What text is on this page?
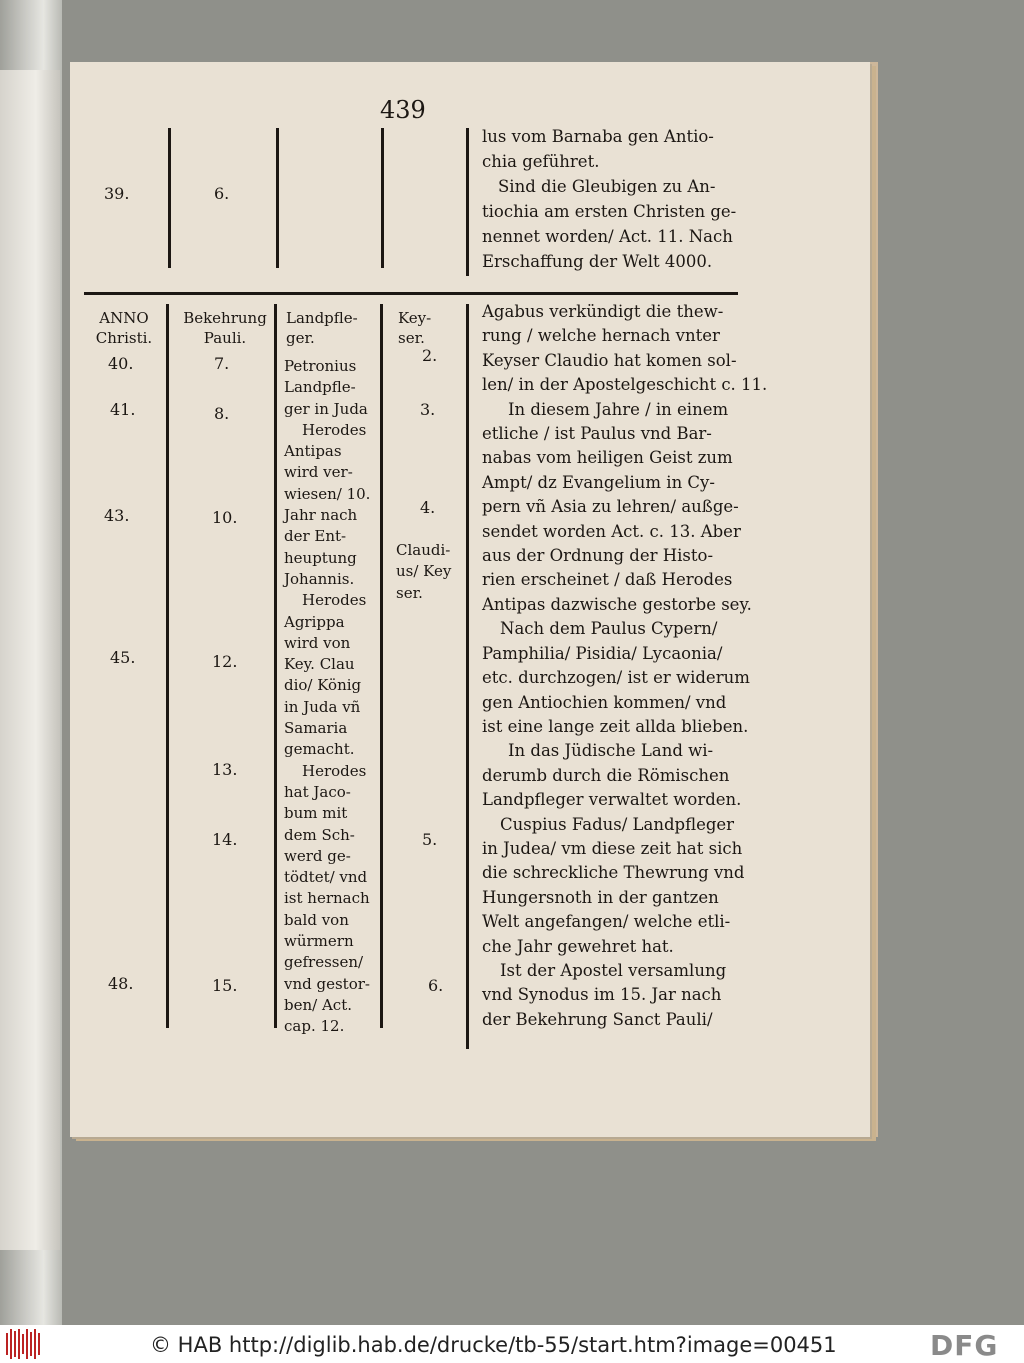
439
39.	6.
lus vom Barnaba gen Antio-
chia geführet.
Sind die Gleubigen zu An-
tiochia am ersten Christen ge-
nennet worden/ Act. 11. Nach
Erschaffung der Welt 4000.
ANNO
Christi.
Bekehrung
Pauli.
Landpfle-
ger.
Key-
ser.
40.
41.
43.
45.
48.
7.
8.
10.
12.
13.
14.
15.
Petronius
Landpfle-
ger in Juda
Herodes
Antipas
wird ver-
wiesen/ 10.
Jahr nach
der Ent-
heuptung
Johannis.
Herodes
Agrippa
wird von
Key. Clau
dio/ König
in Juda vñ
Samaria
gemacht.
Herodes
hat Jaco-
bum mit
dem Sch-
werd ge-
tödtet/ vnd
ist hernach
bald von
würmern
gefressen/
vnd gestor-
ben/ Act.
cap. 12.
2.
3.
4.
Claudi-
us/ Key
ser.
5.
6.
Agabus verkündigt die thew-
rung / welche hernach vnter
Keyser Claudio hat komen sol-
len/ in der Apostelgeschicht c. 11.
In diesem Jahre / in einem
etliche / ist Paulus vnd Bar-
nabas vom heiligen Geist zum
Ampt/ dz Evangelium in Cy-
pern vñ Asia zu lehren/ außge-
sendet worden Act. c. 13. Aber
aus der Ordnung der Histo-
rien erscheinet / daß Herodes
Antipas dazwische gestorbe sey.
Nach dem Paulus Cypern/
Pamphilia/ Pisidia/ Lycaonia/
etc. durchzogen/ ist er widerum
gen Antiochien kommen/ vnd
ist eine lange zeit allda blieben.
In das Jüdische Land wi-
derumb durch die Römischen
Landpfleger verwaltet worden.
Cuspius Fadus/ Landpfleger
in Judea/ vm diese zeit hat sich
die schreckliche Thewrung vnd
Hungersnoth in der gantzen
Welt angefangen/ welche etli-
che Jahr gewehret hat.
Ist der Apostel versamlung
vnd Synodus im 15. Jar nach
der Bekehrung Sanct Pauli/
© HAB http://diglib.hab.de/drucke/tb-55/start.htm?image=00451	DFG
